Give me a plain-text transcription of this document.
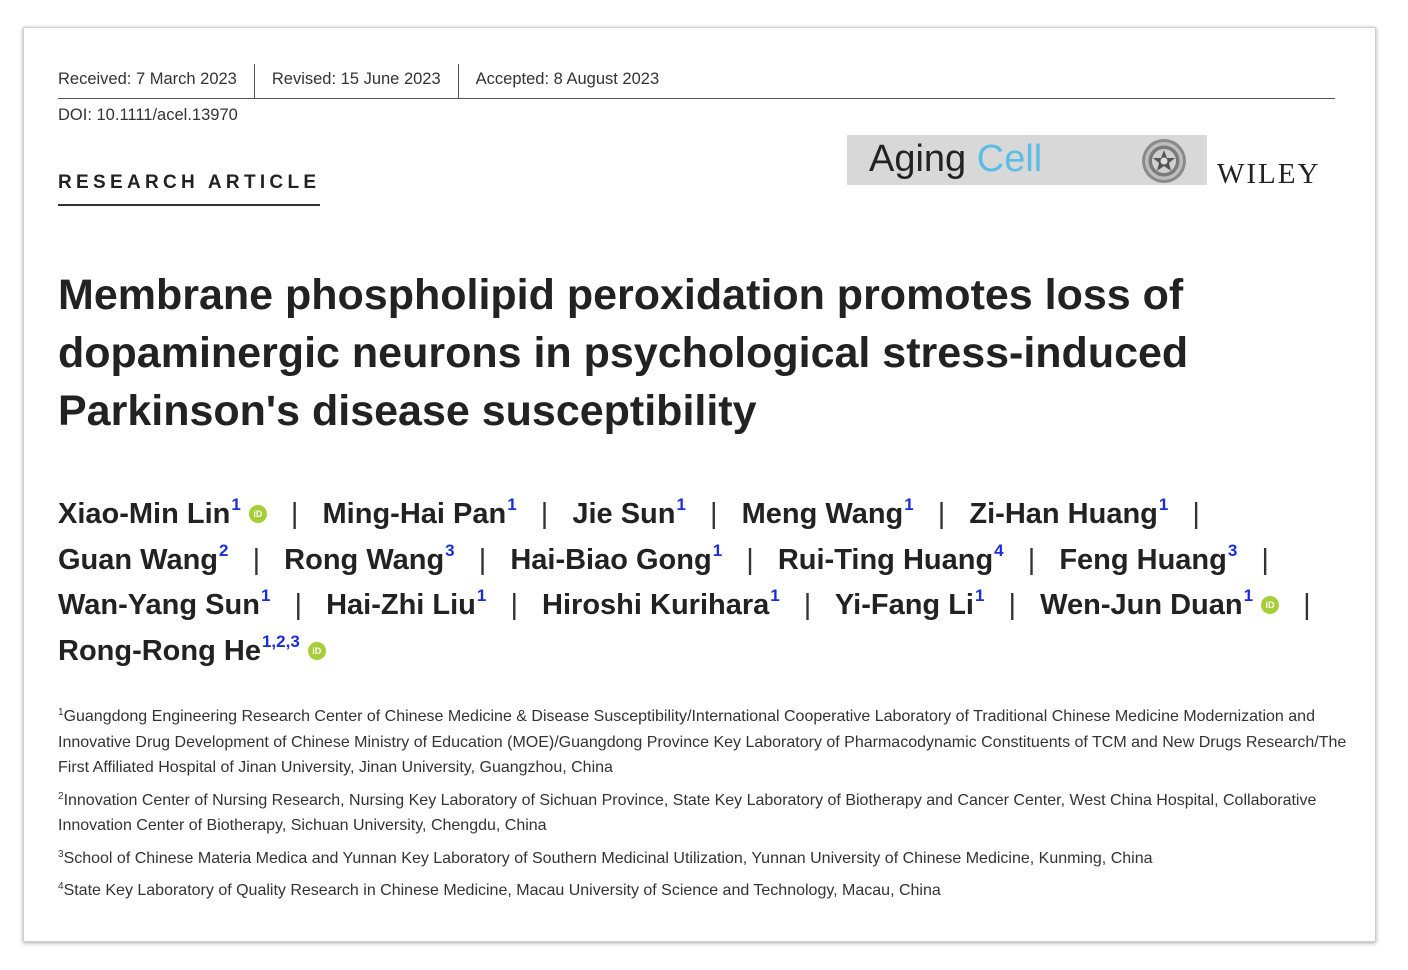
Received: 7 March 2023 Revised: 15 June 2023 Accepted: 8 August 2023
DOI: 10.1111/acel.13970
RESEARCH ARTICLE
Aging Cell	WILEY
Membrane phospholipid peroxidation promotes loss of dopaminergic neurons in psychological stress-induced Parkinson's disease susceptibility
Xiao-Min Lin$^1$ iD | Ming-Hai Pan$^1$ | Jie Sun$^1$ | Meng Wang$^1$ | Zi-Han Huang$^1$ | Guan Wang$^2$ | Rong Wang$^3$ | Hai-Biao Gong$^1$ | Rui-Ting Huang$^4$ | Feng Huang$^3$ | Wan-Yang Sun$^1$ | Hai-Zhi Liu$^1$ | Hiroshi Kurihara$^1$ | Yi-Fang Li$^1$ | Wen-Jun Duan$^1$ iD | Rong-Rong He$^{1,2,3}$iD
$^1$Guangdong Engineering Research Center of Chinese Medicine & Disease Susceptibility/International Cooperative Laboratory of Traditional Chinese Medicine Modernization and Innovative Drug Development of Chinese Ministry of Education (MOE)/Guangdong Province Key Laboratory of Pharmacodynamic Constituents of TCM and New Drugs Research/The First Affiliated Hospital of Jinan University, Jinan University, Guangzhou, China
$^2$Innovation Center of Nursing Research, Nursing Key Laboratory of Sichuan Province, State Key Laboratory of Biotherapy and Cancer Center, West China Hospital, Collaborative Innovation Center of Biotherapy, Sichuan University, Chengdu, China
$^3$School of Chinese Materia Medica and Yunnan Key Laboratory of Southern Medicinal Utilization, Yunnan University of Chinese Medicine, Kunming, China
$^4$State Key Laboratory of Quality Research in Chinese Medicine, Macau University of Science and Technology, Macau, China
